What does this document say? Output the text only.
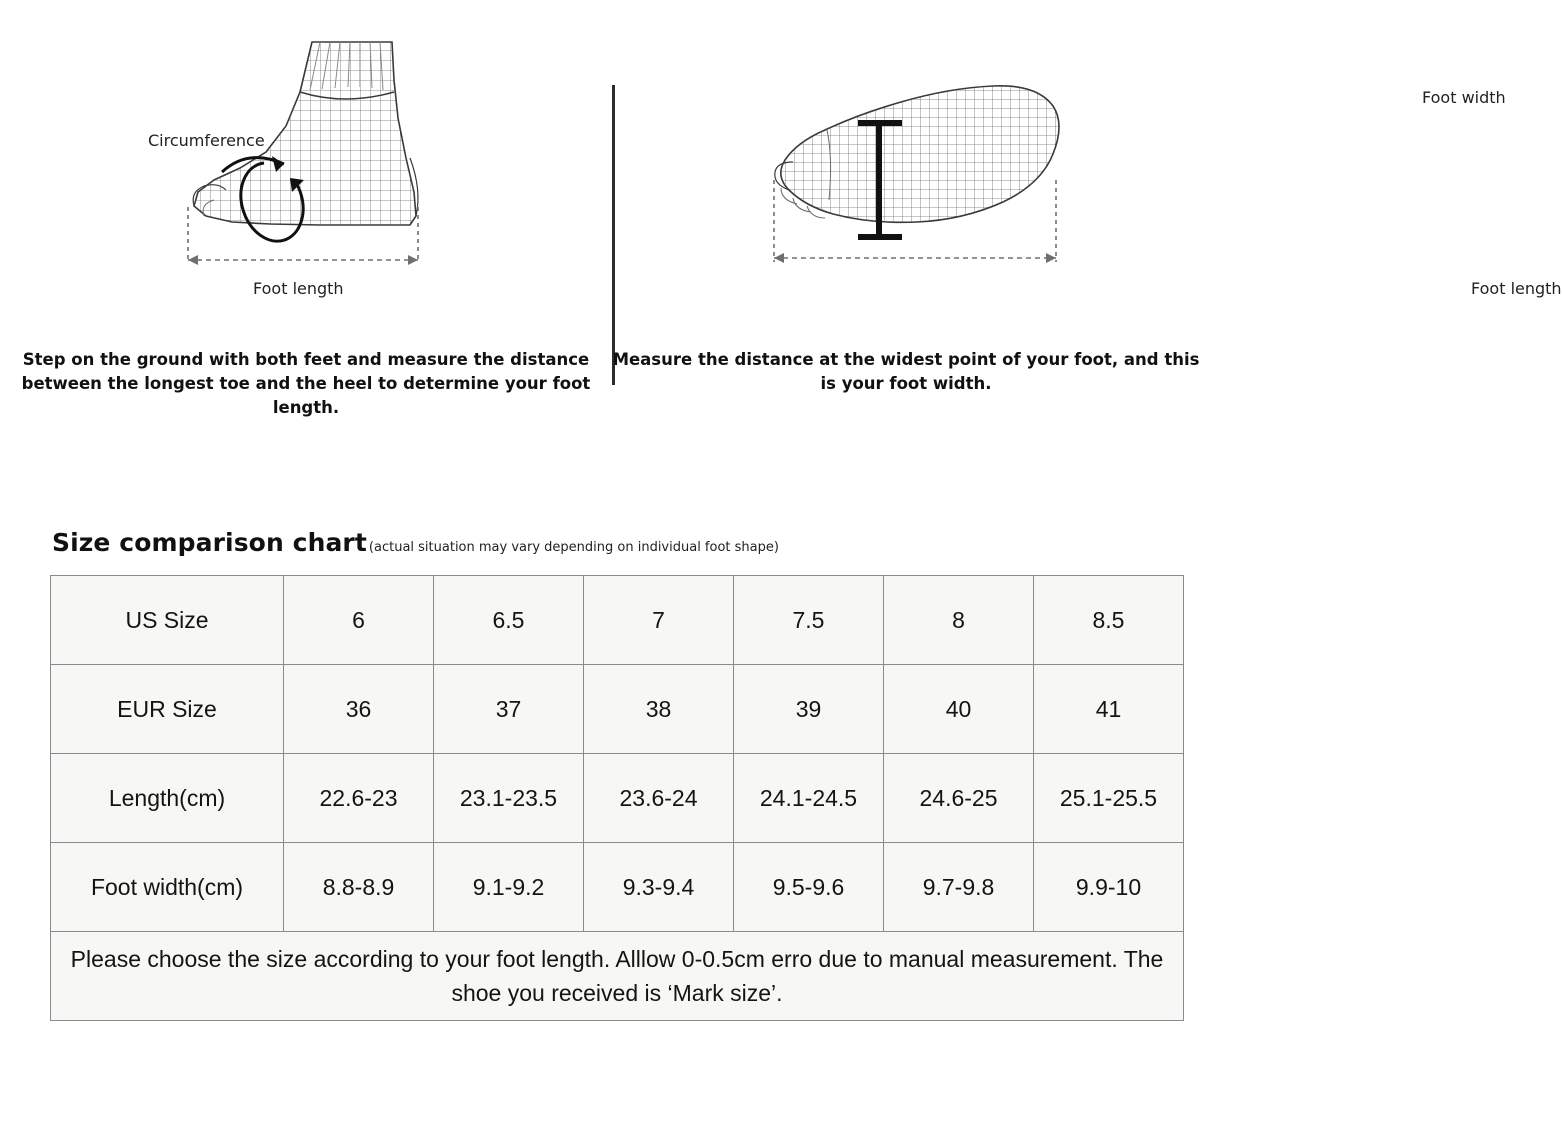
Circumference
Foot length
Step on the ground with both feet and measure the distance between the longest toe and the heel to determine your foot length.
Foot width
Foot length
Measure the distance at the widest point of your foot, and this is your foot width.
Size comparison chart (actual situation may vary depending on individual foot shape)
US Size	6	6.5	7	7.5	8	8.5
EUR Size	36	37	38	39	40	41
Length(cm)	22.6-23	23.1-23.5	23.6-24	24.1-24.5	24.6-25	25.1-25.5
Foot width(cm)	8.8-8.9	9.1-9.2	9.3-9.4	9.5-9.6	9.7-9.8	9.9-10
Please choose the size according to your foot length. Alllow 0-0.5cm erro due to manual measurement. The shoe you received is ‘Mark size’.						
